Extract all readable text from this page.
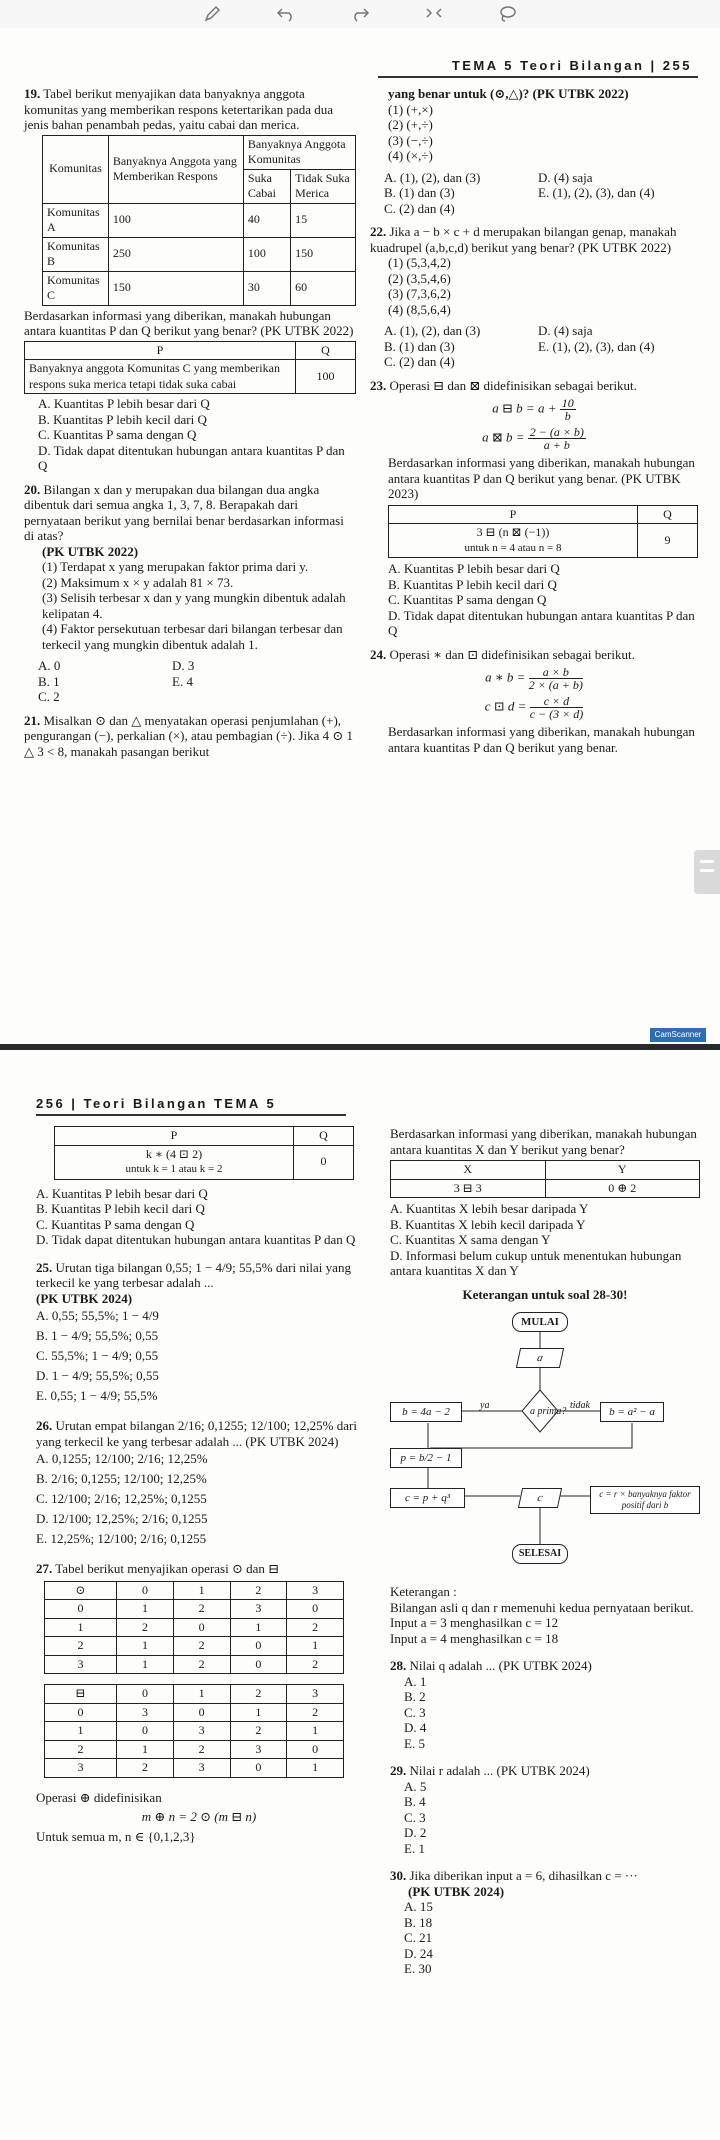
TEMA 5 Teori Bilangan | 255
19. Tabel berikut menyajikan data banyaknya anggota komunitas yang memberikan respons ketertarikan pada dua jenis bahan penambah pedas, yaitu cabai dan merica.
Komunitas	Banyaknya Anggota yang Memberikan Respons	Banyaknya Anggota Komunitas	
		Suka Cabai	Tidak Suka Merica
Komunitas A	100	40	15
Komunitas B	250	100	150
Komunitas C	150	30	60
Berdasarkan informasi yang diberikan, manakah hubungan antara kuantitas P dan Q berikut yang benar? (PK UTBK 2022)
P	Q
Banyaknya anggota Komunitas C yang memberikan respons suka merica tetapi tidak suka cabai	100
A. Kuantitas P lebih besar dari Q
B. Kuantitas P lebih kecil dari Q
C. Kuantitas P sama dengan Q
D. Tidak dapat ditentukan hubungan antara kuantitas P dan Q
20. Bilangan x dan y merupakan dua bilangan dua angka dibentuk dari semua angka 1, 3, 7, 8. Berapakah dari pernyataan berikut yang bernilai benar berdasarkan informasi di atas?
(PK UTBK 2022)
(1) Terdapat x yang merupakan faktor prima dari y.
(2) Maksimum x × y adalah 81 × 73.
(3) Selisih terbesar x dan y yang mungkin dibentuk adalah kelipatan 4.
(4) Faktor persekutuan terbesar dari bilangan terbesar dan terkecil yang mungkin dibentuk adalah 1.
A. 0	D. 3
B. 1	E. 4
C. 2
21. Misalkan ⊙ dan △ menyatakan operasi penjumlahan (+), pengurangan (−), perkalian (×), atau pembagian (÷). Jika 4 ⊙ 1 △ 3 < 8, manakah pasangan berikut
yang benar untuk (⊙,△)? (PK UTBK 2022)
(1) (+,×)
(2) (+,÷)
(3) (−,÷)
(4) (×,÷)
A. (1), (2), dan (3)	D. (4) saja
B. (1) dan (3)	E. (1), (2), (3), dan (4)
C. (2) dan (4)
22. Jika a − b × c + d merupakan bilangan genap, manakah kuadrupel (a,b,c,d) berikut yang benar? (PK UTBK 2022)
(1) (5,3,4,2)
(2) (3,5,4,6)
(3) (7,3,6,2)
(4) (8,5,6,4)
A. (1), (2), dan (3)	D. (4) saja
B. (1) dan (3)	E. (1), (2), (3), dan (4)
C. (2) dan (4)
23. Operasi ⊟ dan ⊠ didefinisikan sebagai berikut.
a ⊟ $b = a + \frac{10}{b}$
a ⊠ $b = \frac{2 - (a \times b)}{a + b}$
Berdasarkan informasi yang diberikan, manakah hubungan antara kuantitas P dan Q berikut yang benar. (PK UTBK 2023)
P	Q

3 ⊟ (n ⊠ (−1))
untuk n = 4 atau n = 8	9
A. Kuantitas P lebih besar dari Q
B. Kuantitas P lebih kecil dari Q
C. Kuantitas P sama dengan Q
D. Tidak dapat ditentukan hubungan antara kuantitas P dan Q
24. Operasi ∗ dan ⊡ didefinisikan sebagai berikut.
a ∗ $b = \frac{a \times b}{2 \times (a + b)}$
c ⊡ $d = \frac{c \times d}{c - (3 \times d)}$
Berdasarkan informasi yang diberikan, manakah hubungan antara kuantitas P dan Q berikut yang benar.
CamScanner
256 | Teori Bilangan TEMA 5
P	Q

k ∗ (4 ⊡ 2)
untuk k = 1 atau k = 2	0
A. Kuantitas P lebih besar dari Q
B. Kuantitas P lebih kecil dari Q
C. Kuantitas P sama dengan Q
D. Tidak dapat ditentukan hubungan antara kuantitas P dan Q
25. Urutan tiga bilangan 0,55; 1 − 4/9; 55,5% dari nilai yang terkecil ke yang terbesar adalah ...
(PK UTBK 2024)
A. 0,55; 55,5%; 1 − 4/9
B. 1 − 4/9; 55,5%; 0,55
C. 55,5%; 1 − 4/9; 0,55
D. 1 − 4/9; 55,5%; 0,55
E. 0,55; 1 − 4/9; 55,5%
26. Urutan empat bilangan 2/16; 0,1255; 12/100; 12,25% dari yang terkecil ke yang terbesar adalah ... (PK UTBK 2024)
A. 0,1255; 12/100; 2/16; 12,25%
B. 2/16; 0,1255; 12/100; 12,25%
C. 12/100; 2/16; 12,25%; 0,1255
D. 12/100; 12,25%; 2/16; 0,1255
E. 12,25%; 12/100; 2/16; 0,1255
27. Tabel berikut menyajikan operasi ⊙ dan ⊟
⊙	0	1	2	3
0	1	2	3	0
1	2	0	1	2
2	1	2	0	1
3	1	2	0	2
⊟	0	1	2	3
0	3	0	1	2
1	0	3	2	1
2	1	2	3	0
3	2	3	0	1
Operasi ⊕ didefinisikan
m ⊕ n = 2 ⊙ (m ⊟ n)
Untuk semua m, n ∈ {0,1,2,3}
Berdasarkan informasi yang diberikan, manakah hubungan antara kuantitas X dan Y berikut yang benar?
X	Y
3 ⊟ 3	0 ⊕ 2
A. Kuantitas X lebih besar daripada Y
B. Kuantitas X lebih kecil daripada Y
C. Kuantitas X sama dengan Y
D. Informasi belum cukup untuk menentukan hubungan antara kuantitas X dan Y
Keterangan untuk soal 28-30!
MULAI
a
a prima?
ya	tidak
b = 4a − 2	b = a² − a
p = b/2 − 1
c = p + q³	c	c = r × banyaknya faktor positif dari b
SELESAI
Keterangan :
Bilangan asli q dan r memenuhi kedua pernyataan berikut.
Input a = 3 menghasilkan c = 12
Input a = 4 menghasilkan c = 18
28. Nilai q adalah ... (PK UTBK 2024)
A. 1
B. 2
C. 3
D. 4
E. 5
29. Nilai r adalah ... (PK UTBK 2024)
A. 5
B. 4
C. 3
D. 2
E. 1
30. Jika diberikan input a = 6, dihasilkan c = ···
(PK UTBK 2024)
A. 15
B. 18
C. 21
D. 24
E. 30
